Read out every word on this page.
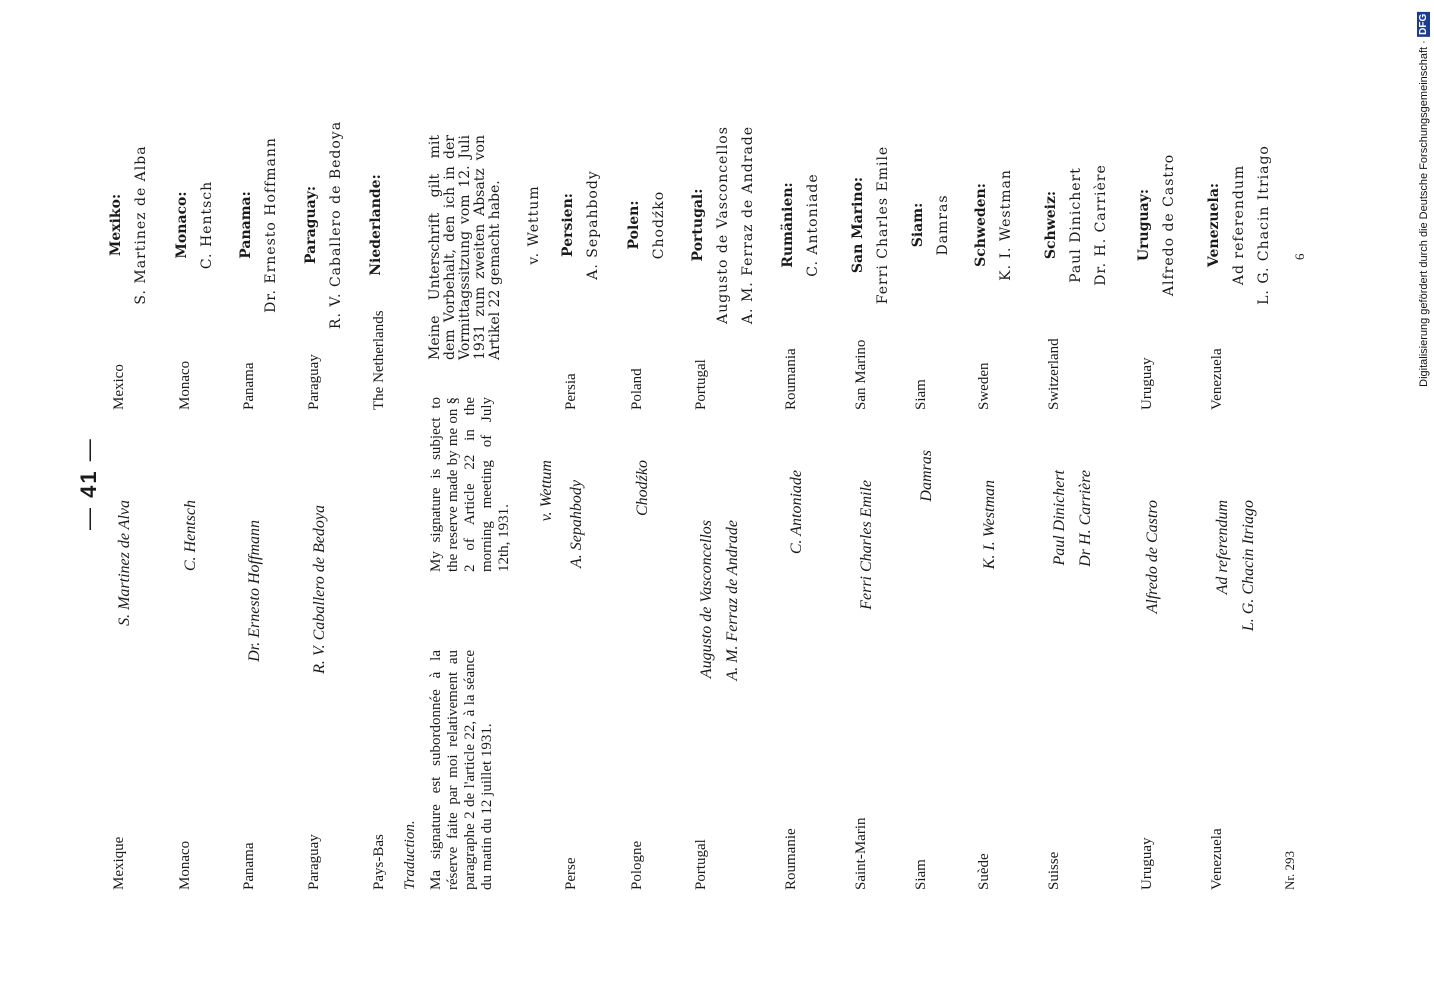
— 41 —
Mexique
S. Martinez de Alva
Mexico
Mexiko: S. Martinez de Alba
Monaco
C. Hentsch
Monaco
Monaco: C. Hentsch
Panama
Dr. Ernesto Hoffmann
Panama
Panama: Dr. Ernesto Hoffmann
Paraguay
R. V. Caballero de Bedoya
Paraguay
Paraguay: R. V. Caballero de Bedoya
Pays-Bas
The Netherlands
Niederlande:
v. Wettum
v. Wettum
Perse
A. Sepahbody
Persia
Persien: A. Sepahbody
Pologne
Chodźko
Poland
Polen: Chodźko
Portugal
Augusto de Vasconcellos A. M. Ferraz de Andrade
Portugal
Portugal: Augusto de Vasconcellos A. M. Ferraz de Andrade
Roumanie
C. Antoniade
Roumania
Rumänien: C. Antoniade
Saint-Marin
Ferri Charles Emile
San Marino
San Marino: Ferri Charles Emile
Siam
Damras
Siam
Siam: Damras
Suède
K. I. Westman
Sweden
Schweden: K. I. Westman
Suisse
Paul Dinichert Dr H. Carrière
Switzerland
Schweiz: Paul Dinichert Dr. H. Carrière
Uruguay
Alfredo de Castro
Uruguay
Uruguay: Alfredo de Castro
Venezuela
Ad referendum L. G. Chacin Itriago
Venezuela
Venezuela: Ad referendum L. G. Chacin Itriago
Traduction. Ma signature est subordonnée à la réserve faite par moi relativement au paragraphe 2 de l'article 22, à la séance du matin du 12 juillet 1931.
My signature is subject to the reserve made by me on § 2 of Article 22 in the morning meeting of July 12th, 1931.
Meine Unterschrift gilt mit dem Vorbehalt, den ich in der Vormittagssitzung vom 12. Juli 1931 zum zweiten Absatz von Artikel 22 gemacht habe.
Nr. 293
6	Digitalisierung gefördert durch die Deutsche Forschungsgemeinschaft · DFG
